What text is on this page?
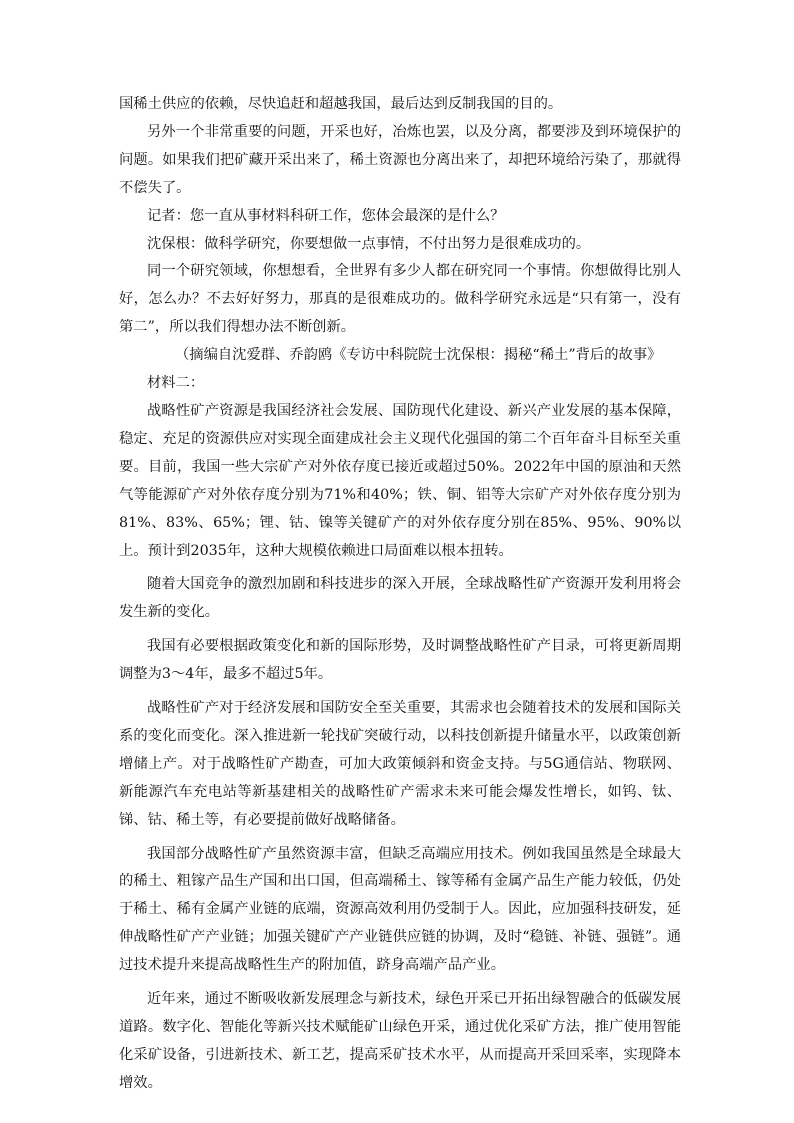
国稀土供应的依赖，尽快追赶和超越我国，最后达到反制我国的目的。

另外一个非常重要的问题，开采也好，冶炼也罢，以及分离，都要涉及到环境保护的问题。如果我们把矿藏开采出来了，稀土资源也分离出来了，却把环境给污染了，那就得不偿失了。

记者：您一直从事材料科研工作，您体会最深的是什么？

沈保根：做科学研究，你要想做一点事情，不付出努力是很难成功的。

同一个研究领域，你想想看，全世界有多少人都在研究同一个事情。你想做得比别人好，怎么办？不去好好努力，那真的是很难成功的。做科学研究永远是“只有第一，没有第二”，所以我们得想办法不断创新。

（摘编自沈爱群、乔韵鸥《专访中科院院士沈保根：揭秘“稀土”背后的故事》

材料二：

战略性矿产资源是我国经济社会发展、国防现代化建设、新兴产业发展的基本保障，稳定、充足的资源供应对实现全面建成社会主义现代化强国的第二个百年奋斗目标至关重要。目前，我国一些大宗矿产对外依存度已接近或超过50%。2022年中国的原油和天然气等能源矿产对外依存度分别为71%和40%；铁、铜、铝等大宗矿产对外依存度分别为81%、83%、65%；锂、钴、镍等关键矿产的对外依存度分别在85%、95%、90%以上。预计到2035年，这种大规模依赖进口局面难以根本扭转。

随着大国竞争的激烈加剧和科技进步的深入开展，全球战略性矿产资源开发利用将会发生新的变化。

我国有必要根据政策变化和新的国际形势，及时调整战略性矿产目录，可将更新周期调整为3～4年，最多不超过5年。

战略性矿产对于经济发展和国防安全至关重要，其需求也会随着技术的发展和国际关系的变化而变化。深入推进新一轮找矿突破行动，以科技创新提升储量水平，以政策创新增储上产。对于战略性矿产勘查，可加大政策倾斜和资金支持。与5G通信站、物联网、新能源汽车充电站等新基建相关的战略性矿产需求未来可能会爆发性增长，如钨、钛、锑、钴、稀土等，有必要提前做好战略储备。

我国部分战略性矿产虽然资源丰富，但缺乏高端应用技术。例如我国虽然是全球最大的稀土、粗镓产品生产国和出口国，但高端稀土、镓等稀有金属产品生产能力较低，仍处于稀土、稀有金属产业链的底端，资源高效利用仍受制于人。因此，应加强科技研发，延伸战略性矿产产业链；加强关键矿产产业链供应链的协调，及时“稳链、补链、强链”。通过技术提升来提高战略性生产的附加值，跻身高端产品产业。

近年来，通过不断吸收新发展理念与新技术，绿色开采已开拓出绿智融合的低碳发展道路。数字化、智能化等新兴技术赋能矿山绿色开采，通过优化采矿方法，推广使用智能化采矿设备，引进新技术、新工艺，提高采矿技术水平，从而提高开采回采率，实现降本增效。
